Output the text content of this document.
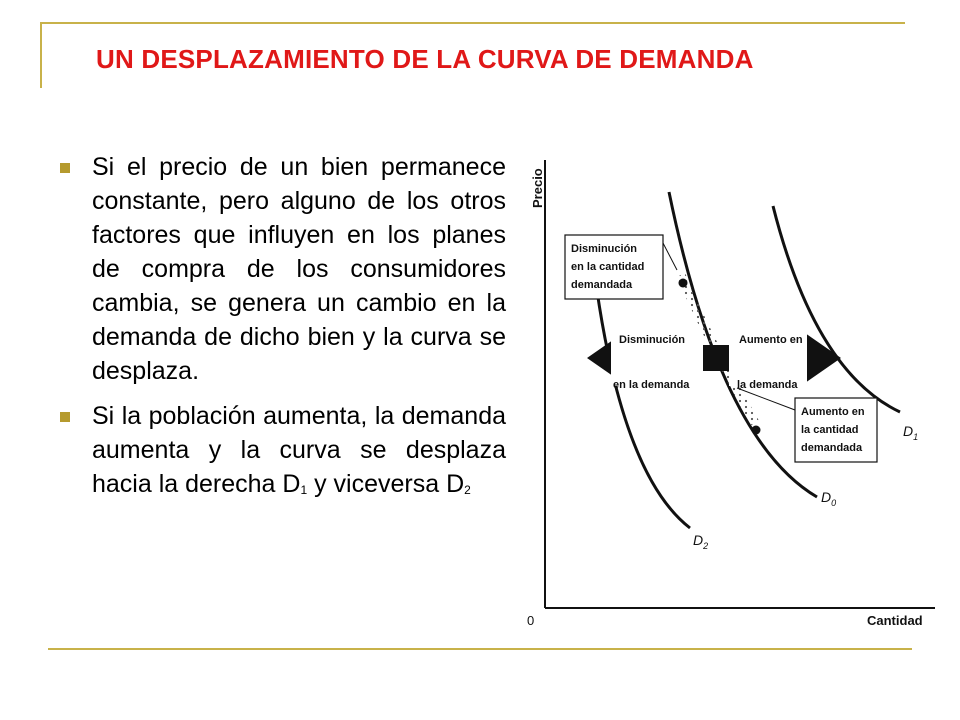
UN DESPLAZAMIENTO DE LA CURVA DE DEMANDA
Si el precio de un bien permanece constante, pero alguno de los otros factores que influyen en los planes de compra de los consumidores cambia, se genera un cambio en la demanda de dicho bien y la curva se desplaza.
Si la población aumenta, la demanda aumenta y la curva se desplaza hacia la derecha D1 y viceversa D2
Precio
Cantidad
0
$D_2$
$D_0$
$D_1$
Disminución
en la cantidad
demandada
Aumento en
la cantidad
demandada
Disminución
en la demanda
Aumento en
la demanda
